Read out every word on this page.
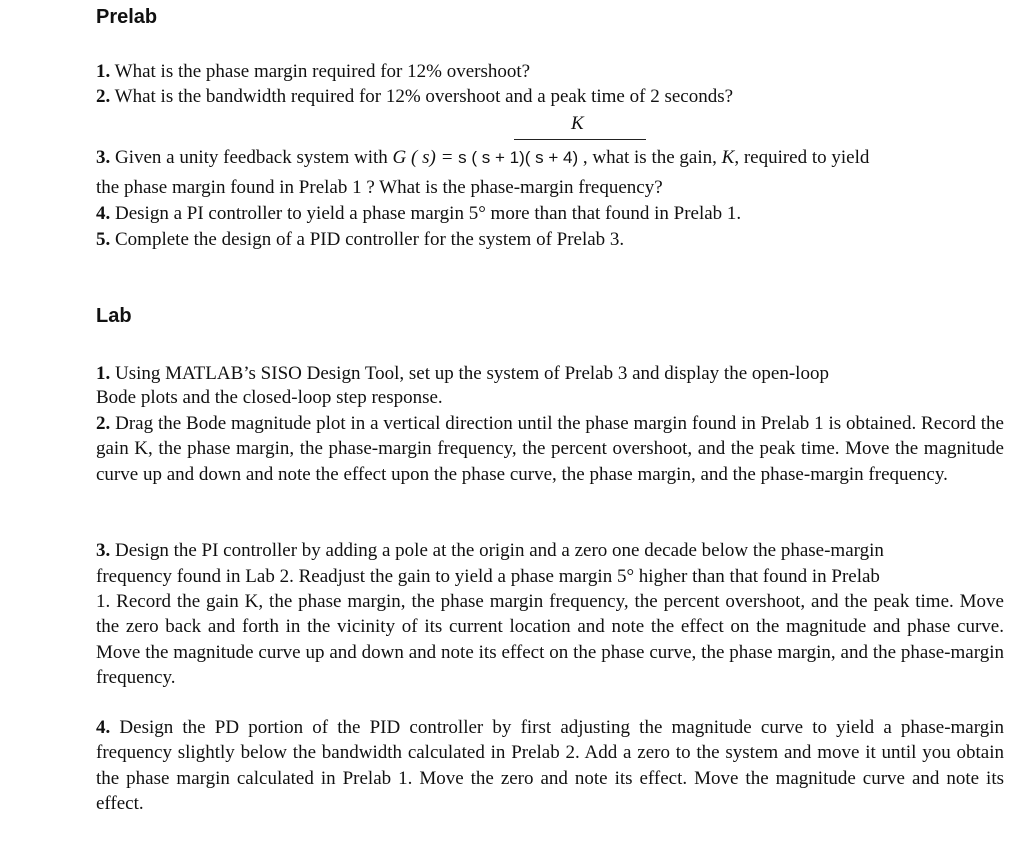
Prelab

1. What is the phase margin required for 12% overshoot?

2. What is the bandwidth required for 12% overshoot and a peak time of 2 seconds?

K

3. Given a unity feedback system with G ( s) = s ( s + 1)( s + 4) , what is the gain, K, required to yield

the phase margin found in Prelab 1 ? What is the phase-margin frequency?

4. Design a PI controller to yield a phase margin 5° more than that found in Prelab 1.

5. Complete the design of a PID controller for the system of Prelab 3.

Lab

1. Using MATLAB’s SISO Design Tool, set up the system of Prelab 3 and display the open-loop

Bode plots and the closed-loop step response.

2. Drag the Bode magnitude plot in a vertical direction until the phase margin found in Prelab 1 is obtained. Record the gain K, the phase margin, the phase-margin frequency, the percent overshoot, and the peak time. Move the magnitude curve up and down and note the effect upon the phase curve, the phase margin, and the phase-margin frequency.

3. Design the PI controller by adding a pole at the origin and a zero one decade below the phase-margin

frequency found in Lab 2. Readjust the gain to yield a phase margin 5° higher than that found in Prelab

1. Record the gain K, the phase margin, the phase margin frequency, the percent overshoot, and the peak time. Move the zero back and forth in the vicinity of its current location and note the effect on the magnitude and phase curve. Move the magnitude curve up and down and note its effect on the phase curve, the phase margin, and the phase-margin frequency.

4. Design the PD portion of the PID controller by first adjusting the magnitude curve to yield a phase-margin frequency slightly below the bandwidth calculated in Prelab 2. Add a zero to the system and move it until you obtain the phase margin calculated in Prelab 1. Move the zero and note its effect. Move the magnitude curve and note its effect.
